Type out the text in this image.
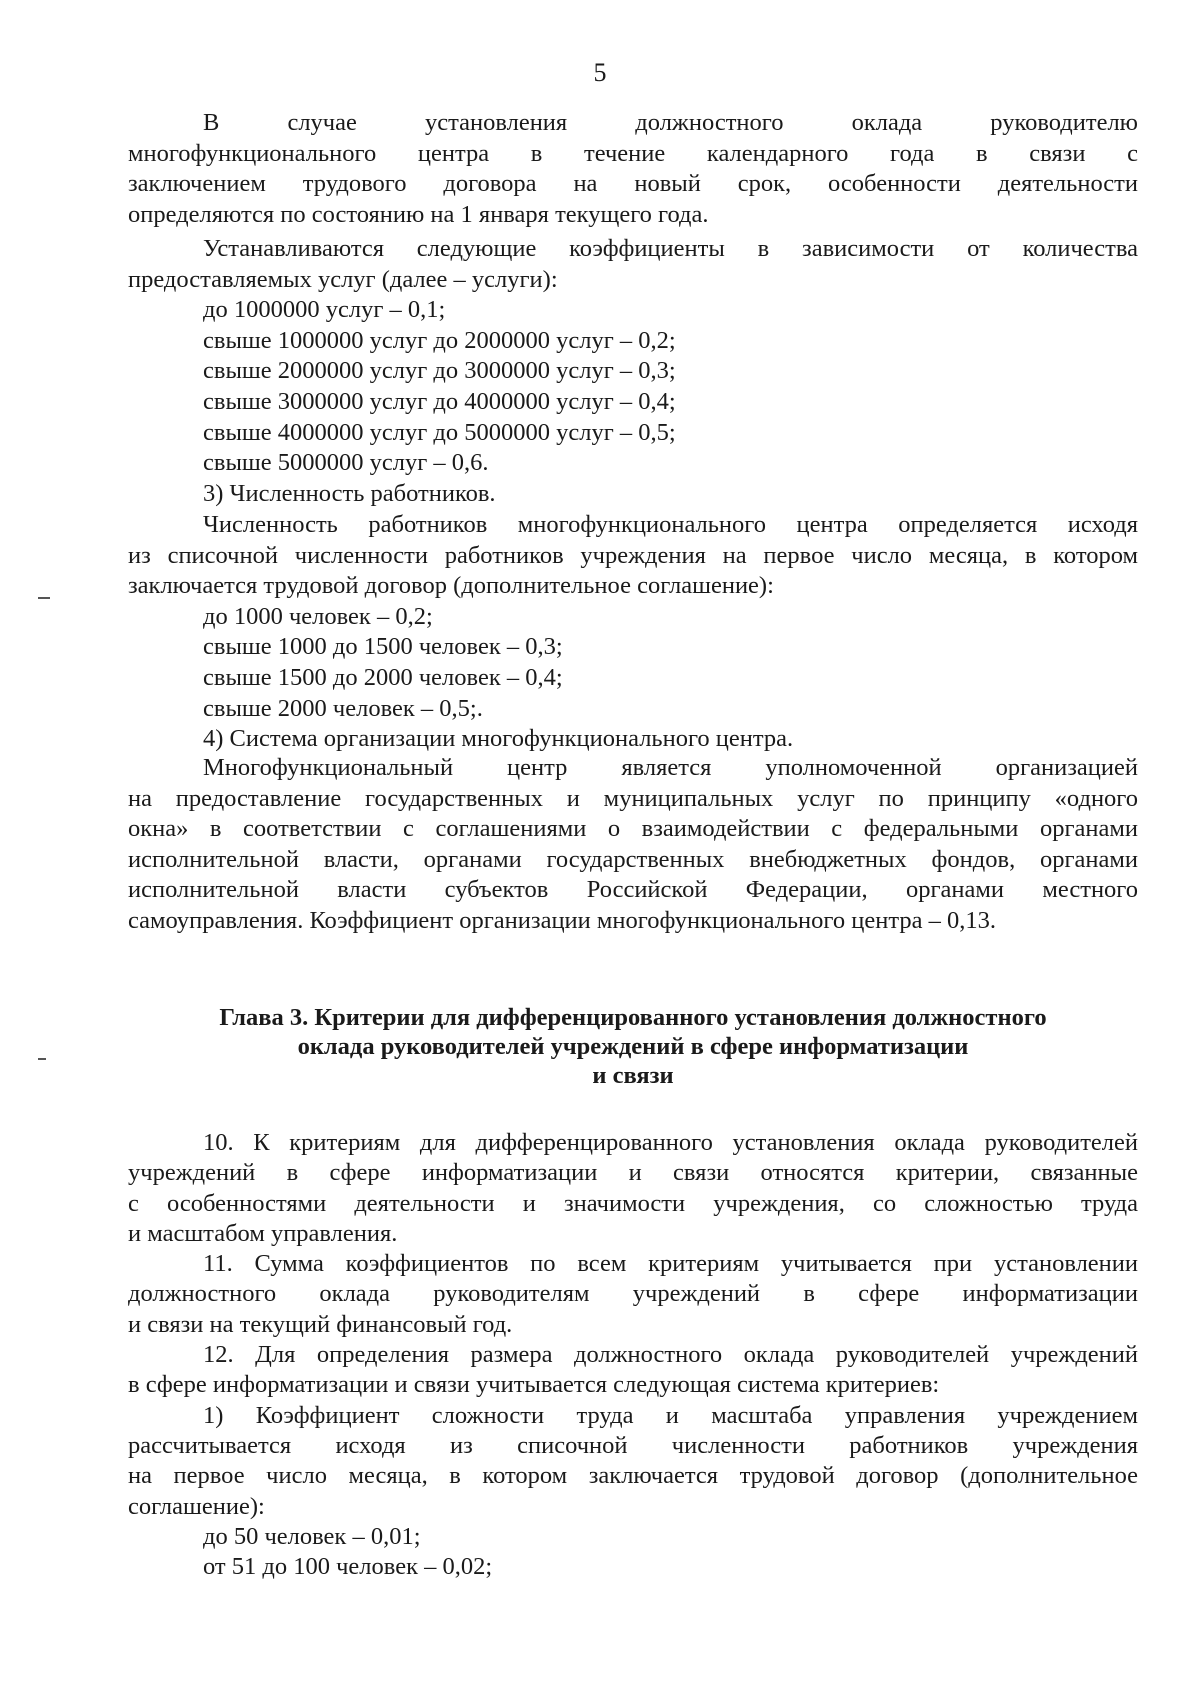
5

В случае установления должностного оклада руководителю

многофункционального центра в течение календарного года в связи с

заключением трудового договора на новый срок, особенности деятельности

определяются по состоянию на 1 января текущего года.

Устанавливаются следующие коэффициенты в зависимости от количества

предоставляемых услуг (далее – услуги):

до 1000000 услуг – 0,1;

свыше 1000000 услуг до 2000000 услуг – 0,2;

свыше 2000000 услуг до 3000000 услуг – 0,3;

свыше 3000000 услуг до 4000000 услуг – 0,4;

свыше 4000000 услуг до 5000000 услуг – 0,5;

свыше 5000000 услуг – 0,6.

3) Численность работников.

Численность работников многофункционального центра определяется исходя

из списочной численности работников учреждения на первое число месяца, в котором

заключается трудовой договор (дополнительное соглашение):

до 1000 человек – 0,2;

свыше 1000 до 1500 человек – 0,3;

свыше 1500 до 2000 человек – 0,4;

свыше 2000 человек – 0,5;.

4) Система организации многофункционального центра.

Многофункциональный центр является уполномоченной организацией

на предоставление государственных и муниципальных услуг по принципу «одного

окна» в соответствии с соглашениями о взаимодействии с федеральными органами

исполнительной власти, органами государственных внебюджетных фондов, органами

исполнительной власти субъектов Российской Федерации, органами местного

самоуправления. Коэффициент организации многофункционального центра – 0,13.

Глава 3. Критерии для дифференцированного установления должностного

оклада руководителей учреждений в сфере информатизации

и связи

10. К критериям для дифференцированного установления оклада руководителей

учреждений в сфере информатизации и связи относятся критерии, связанные

с особенностями деятельности и значимости учреждения, со сложностью труда

и масштабом управления.

11. Сумма коэффициентов по всем критериям учитывается при установлении

должностного оклада руководителям учреждений в сфере информатизации

и связи на текущий финансовый год.

12. Для определения размера должностного оклада руководителей учреждений

в сфере информатизации и связи учитывается следующая система критериев:

1) Коэффициент сложности труда и масштаба управления учреждением

рассчитывается исходя из списочной численности работников учреждения

на первое число месяца, в котором заключается трудовой договор (дополнительное

соглашение):

до 50 человек – 0,01;

от 51 до 100 человек – 0,02;
